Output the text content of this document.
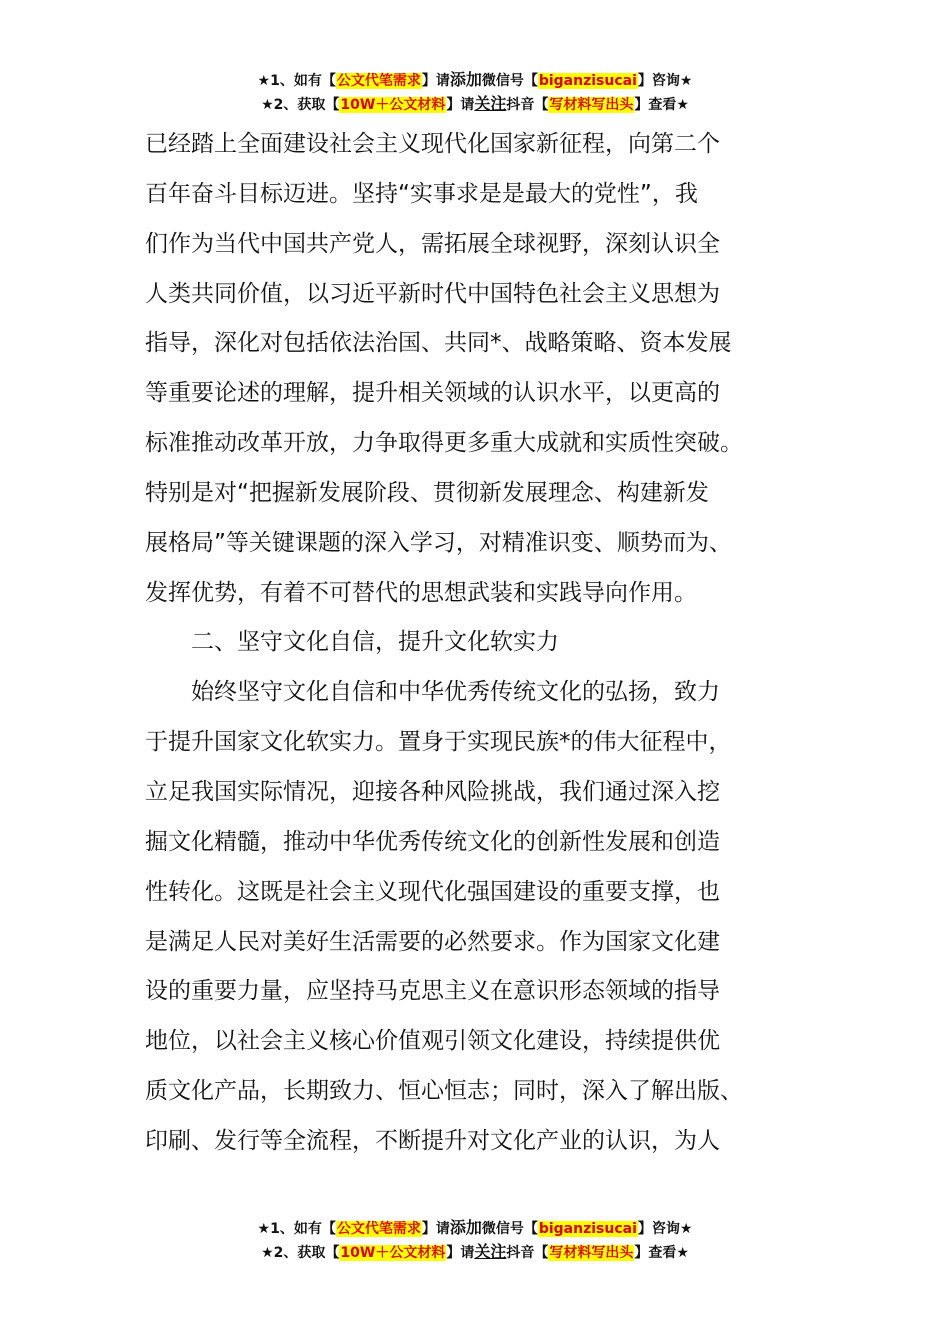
★1、如有【公文代笔需求】请添加微信号【biganzisucai】咨询★
★2、获取【10W＋公文材料】请关注抖音【写材料写出头】查看★
已经踏上全面建设社会主义现代化国家新征程，向第二个
百年奋斗目标迈进。坚持“实事求是是最大的党性”，我
们作为当代中国共产党人，需拓展全球视野，深刻认识全
人类共同价值，以习近平新时代中国特色社会主义思想为
指导，深化对包括依法治国、共同*、战略策略、资本发展
等重要论述的理解，提升相关领域的认识水平，以更高的
标准推动改革开放，力争取得更多重大成就和实质性突破。
特别是对“把握新发展阶段、贯彻新发展理念、构建新发
展格局”等关键课题的深入学习，对精准识变、顺势而为、
发挥优势，有着不可替代的思想武装和实践导向作用。
二、坚守文化自信，提升文化软实力
始终坚守文化自信和中华优秀传统文化的弘扬，致力
于提升国家文化软实力。置身于实现民族*的伟大征程中，
立足我国实际情况，迎接各种风险挑战，我们通过深入挖
掘文化精髓，推动中华优秀传统文化的创新性发展和创造
性转化。这既是社会主义现代化强国建设的重要支撑，也
是满足人民对美好生活需要的必然要求。作为国家文化建
设的重要力量，应坚持马克思主义在意识形态领域的指导
地位，以社会主义核心价值观引领文化建设，持续提供优
质文化产品，长期致力、恒心恒志；同时，深入了解出版、
印刷、发行等全流程，不断提升对文化产业的认识，为人
★1、如有【公文代笔需求】请添加微信号【biganzisucai】咨询★
★2、获取【10W＋公文材料】请关注抖音【写材料写出头】查看★
